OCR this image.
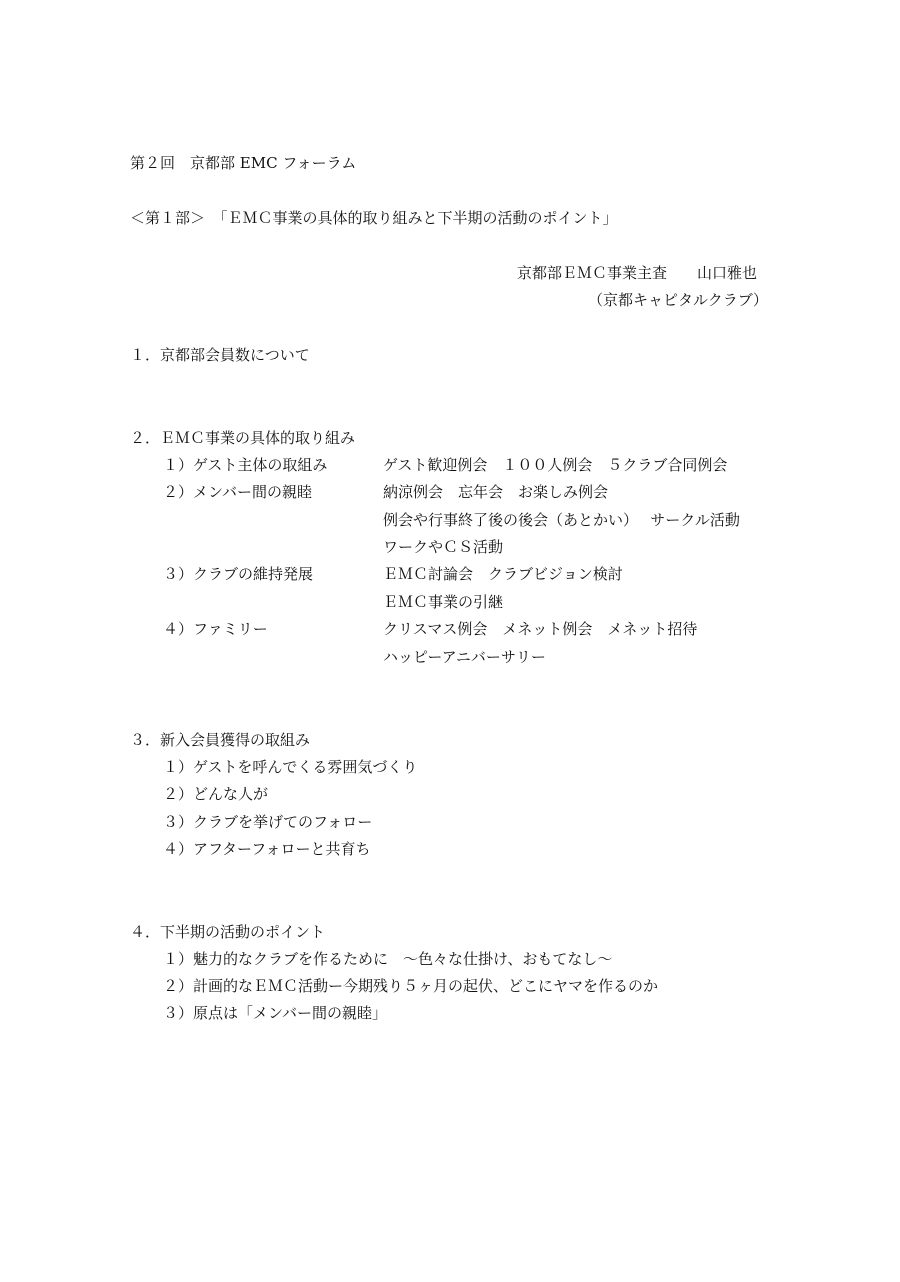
第２回　京都部 EMC フォーラム
＜第１部＞　「ＥＭＣ事業の具体的取り組みと下半期の活動のポイント」
京都部ＥＭＣ事業主査　　山口雅也
（京都キャピタルクラブ）
１．京都部会員数について
２．ＥＭＣ事業の具体的取り組み
１） ゲスト主体の取組み	ゲスト歓迎例会　１００人例会　５クラブ合同例会
２） メンバー間の親睦	納涼例会　忘年会　お楽しみ例会
例会や行事終了後の後会（あとかい）　 サークル活動
ワークやＣＳ活動
３） クラブの維持発展	ＥＭＣ討論会　クラブビジョン検討
ＥＭＣ事業の引継
４） ファミリー	クリスマス例会　メネット例会　メネット招待
ハッピーアニバーサリー
３．新入会員獲得の取組み
１）ゲストを呼んでくる雰囲気づくり
２）どんな人が
３）クラブを挙げてのフォロー
４）アフターフォローと共育ち
４．下半期の活動のポイント
１）魅力的なクラブを作るために　～色々な仕掛け、おもてなし～
２）計画的なＥＭＣ活動ー今期残り５ヶ月の起伏、どこにヤマを作るのか
３）原点は「メンバー間の親睦」
